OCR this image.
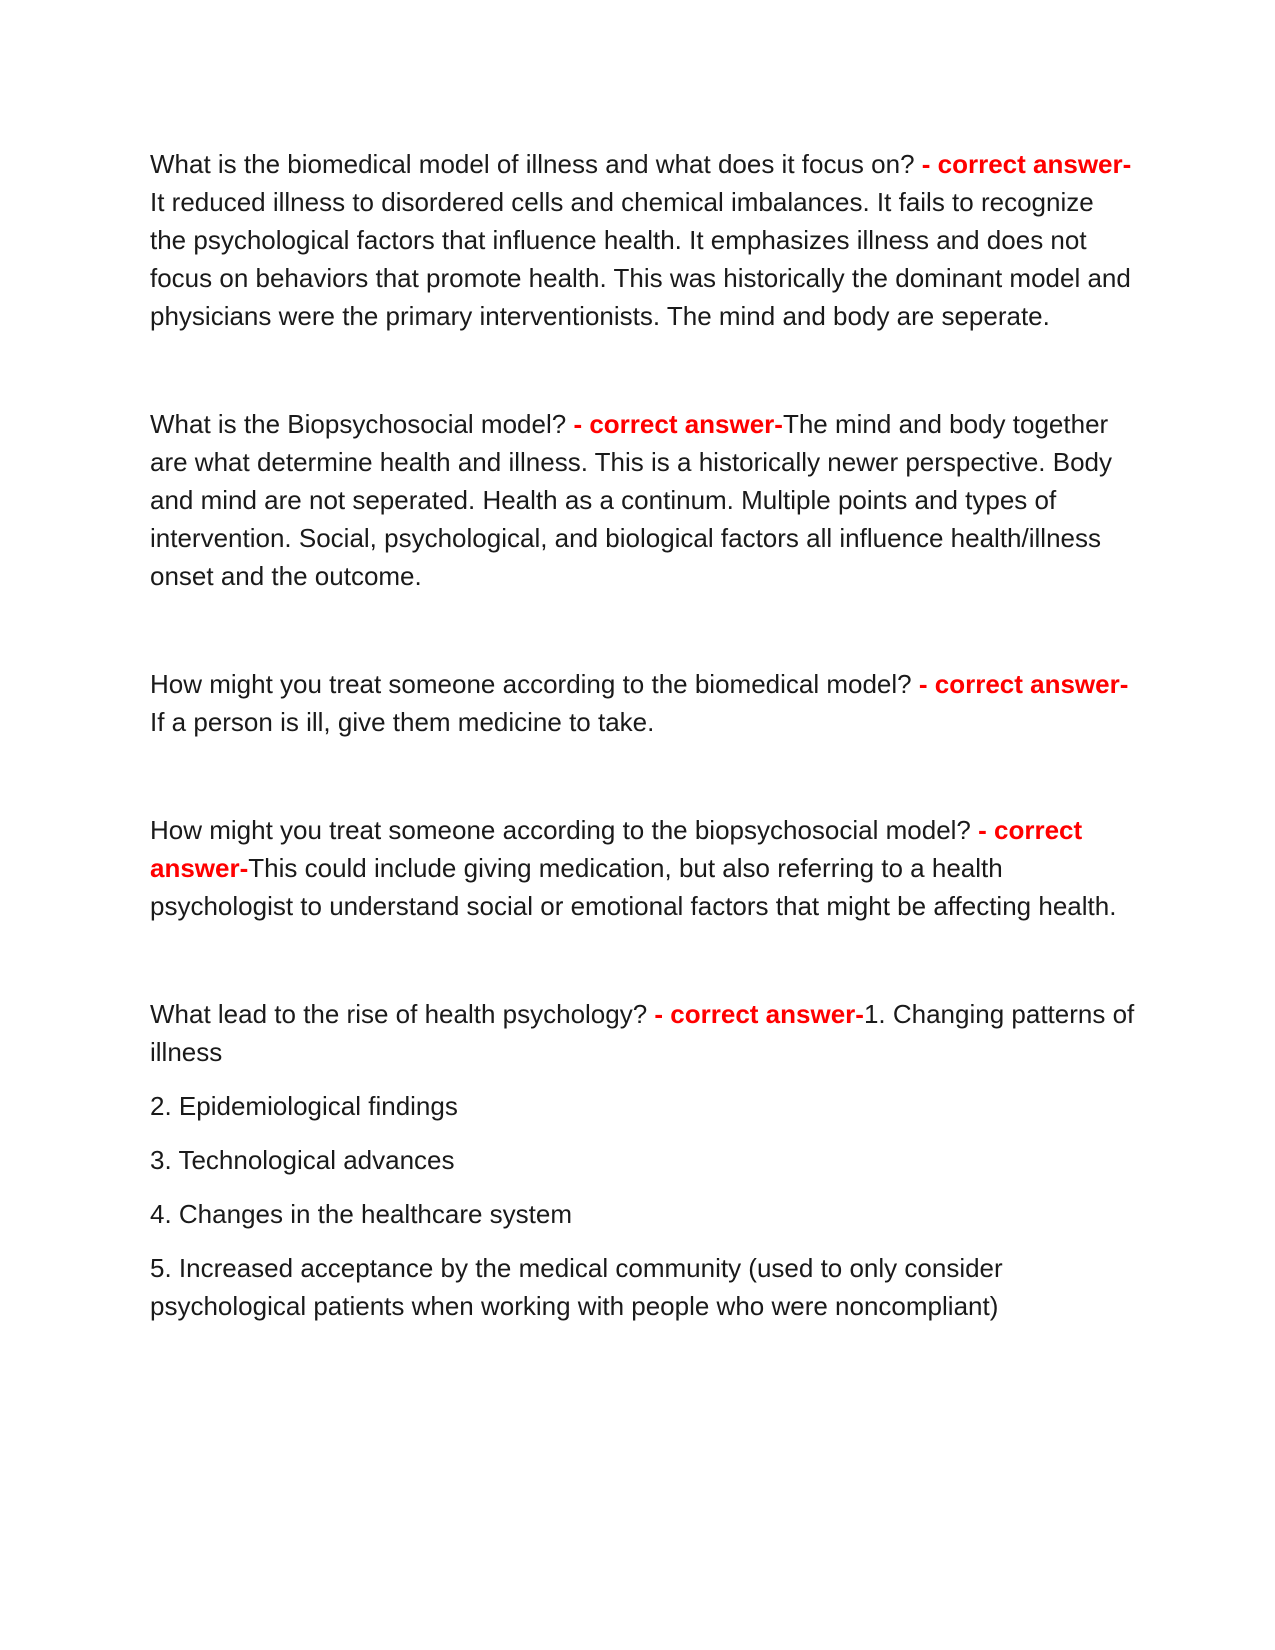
What is the biomedical model of illness and what does it focus on? - correct answer-It reduced illness to disordered cells and chemical imbalances. It fails to recognize the psychological factors that influence health. It emphasizes illness and does not focus on behaviors that promote health. This was historically the dominant model and physicians were the primary interventionists. The mind and body are seperate.

What is the Biopsychosocial model? - correct answer-The mind and body together are what determine health and illness. This is a historically newer perspective. Body and mind are not seperated. Health as a continum. Multiple points and types of intervention. Social, psychological, and biological factors all influence health/illness onset and the outcome.

How might you treat someone according to the biomedical model? - correct answer-If a person is ill, give them medicine to take.

How might you treat someone according to the biopsychosocial model? - correct answer-This could include giving medication, but also referring to a health psychologist to understand social or emotional factors that might be affecting health.

What lead to the rise of health psychology? - correct answer-1. Changing patterns of illness
2. Epidemiological findings
3. Technological advances
4. Changes in the healthcare system
5. Increased acceptance by the medical community (used to only consider psychological patients when working with people who were noncompliant)
